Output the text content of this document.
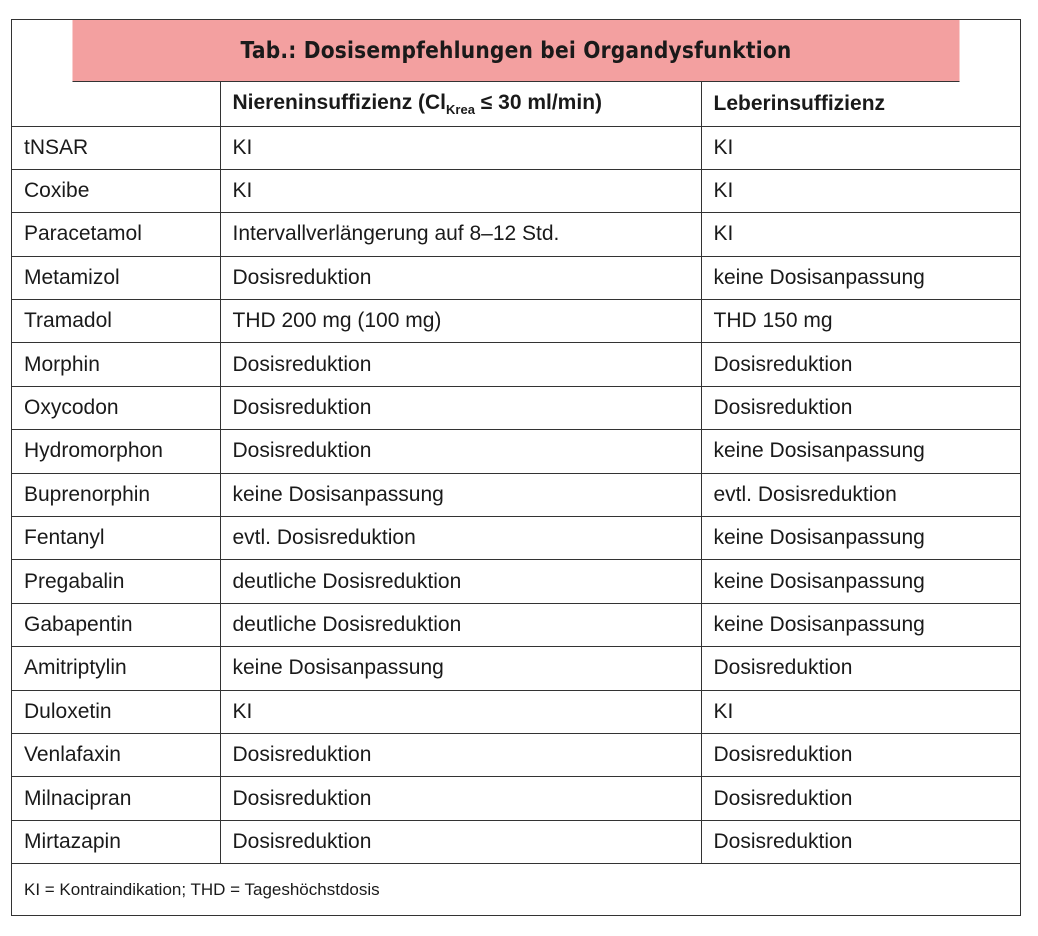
Tab.: Dosisempfehlungen bei Organdysfunktion
	Niereninsuffizienz ($Cl_{Krea} \le 30$ ml/min)	Leberinsuffizienz
tNSAR	KI	KI
Coxibe	KI	KI
Paracetamol	Intervallverlängerung auf 8–12 Std.	KI
Metamizol	Dosisreduktion	keine Dosisanpassung
Tramadol	THD 200 mg (100 mg)	THD 150 mg
Morphin	Dosisreduktion	Dosisreduktion
Oxycodon	Dosisreduktion	Dosisreduktion
Hydromorphon	Dosisreduktion	keine Dosisanpassung
Buprenorphin	keine Dosisanpassung	evtl. Dosisreduktion
Fentanyl	evtl. Dosisreduktion	keine Dosisanpassung
Pregabalin	deutliche Dosisreduktion	keine Dosisanpassung
Gabapentin	deutliche Dosisreduktion	keine Dosisanpassung
Amitriptylin	keine Dosisanpassung	Dosisreduktion
Duloxetin	KI	KI
Venlafaxin	Dosisreduktion	Dosisreduktion
Milnacipran	Dosisreduktion	Dosisreduktion
Mirtazapin	Dosisreduktion	Dosisreduktion
KI = Kontraindikation; THD = Tageshöchstdosis
